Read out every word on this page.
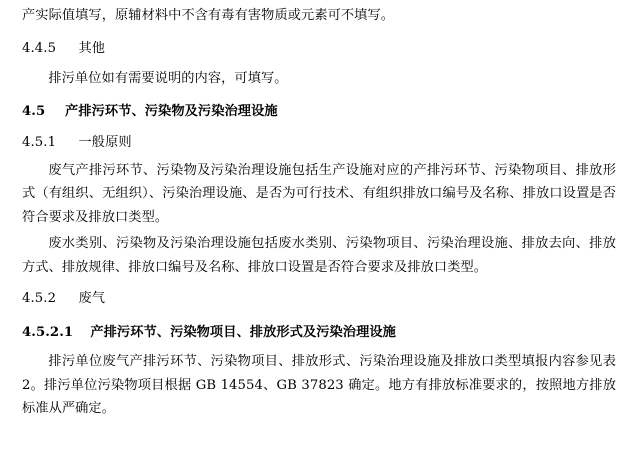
产实际值填写，原辅材料中不含有毒有害物质或元素可不填写。

4.4.5 其他

排污单位如有需要说明的内容，可填写。

4.5 产排污环节、污染物及污染治理设施
4.5.1 一般原则

废气产排污环节、污染物及污染治理设施包括生产设施对应的产排污环节、污染物项目、排放形式（有组织、无组织）、污染治理设施、是否为可行技术、有组织排放口编号及名称、排放口设置是否符合要求及排放口类型。

废水类别、污染物及污染治理设施包括废水类别、污染物项目、污染治理设施、排放去向、排放方式、排放规律、排放口编号及名称、排放口设置是否符合要求及排放口类型。

4.5.2 废气
4.5.2.1 产排污环节、污染物项目、排放形式及污染治理设施

排污单位废气产排污环节、污染物项目、排放形式、污染治理设施及排放口类型填报内容参见表 2。排污单位污染物项目根据 GB 14554、GB 37823 确定。地方有排放标准要求的，按照地方排放标准从严确定。
